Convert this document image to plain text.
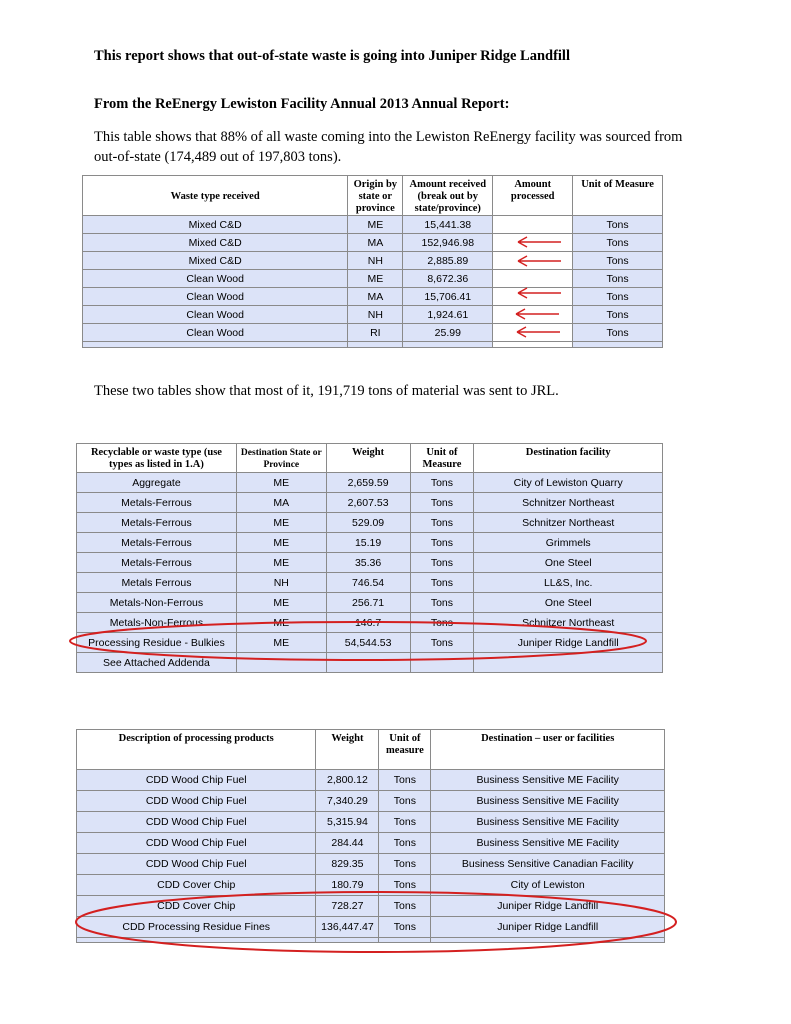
This report shows that out-of-state waste is going into Juniper Ridge Landfill
From the ReEnergy Lewiston Facility Annual 2013 Annual Report:
This table shows that 88% of all waste coming into the Lewiston ReEnergy facility was sourced from out-of-state (174,489 out of 197,803 tons).
Waste type received	Origin by state or province	Amount received (break out by state/province)	Amount processed	Unit of Measure
Mixed C&D	ME	15,441.38		Tons
Mixed C&D	MA	152,946.98		Tons
Mixed C&D	NH	2,885.89		Tons
Clean Wood	ME	8,672.36		Tons
Clean Wood	MA	15,706.41		Tons
Clean Wood	NH	1,924.61		Tons
Clean Wood	RI	25.99		Tons

These two tables show that most of it, 191,719 tons of material was sent to JRL.
Recyclable or waste type (use types as listed in 1.A)	Destination State or Province	Weight	Unit of Measure	Destination facility
Aggregate	ME	2,659.59	Tons	City of Lewiston Quarry
Metals-Ferrous	MA	2,607.53	Tons	Schnitzer Northeast
Metals-Ferrous	ME	529.09	Tons	Schnitzer Northeast
Metals-Ferrous	ME	15.19	Tons	Grimmels
Metals-Ferrous	ME	35.36	Tons	One Steel
Metals Ferrous	NH	746.54	Tons	LL&S, Inc.
Metals-Non-Ferrous	ME	256.71	Tons	One Steel
Metals-Non-Ferrous	ME	146.7	Tons	Schnitzer Northeast
Processing Residue - Bulkies	ME	54,544.53	Tons	Juniper Ridge Landfill
See Attached Addenda				
Description of processing products	Weight	Unit of measure	Destination – user or facilities
CDD Wood Chip Fuel	2,800.12	Tons	Business Sensitive ME Facility
CDD Wood Chip Fuel	7,340.29	Tons	Business Sensitive ME Facility
CDD Wood Chip Fuel	5,315.94	Tons	Business Sensitive ME Facility
CDD Wood Chip Fuel	284.44	Tons	Business Sensitive ME Facility
CDD Wood Chip Fuel	829.35	Tons	Business Sensitive Canadian Facility
CDD Cover Chip	180.79	Tons	City of Lewiston
CDD Cover Chip	728.27	Tons	Juniper Ridge Landfill
CDD Processing Residue Fines	136,447.47	Tons	Juniper Ridge Landfill
